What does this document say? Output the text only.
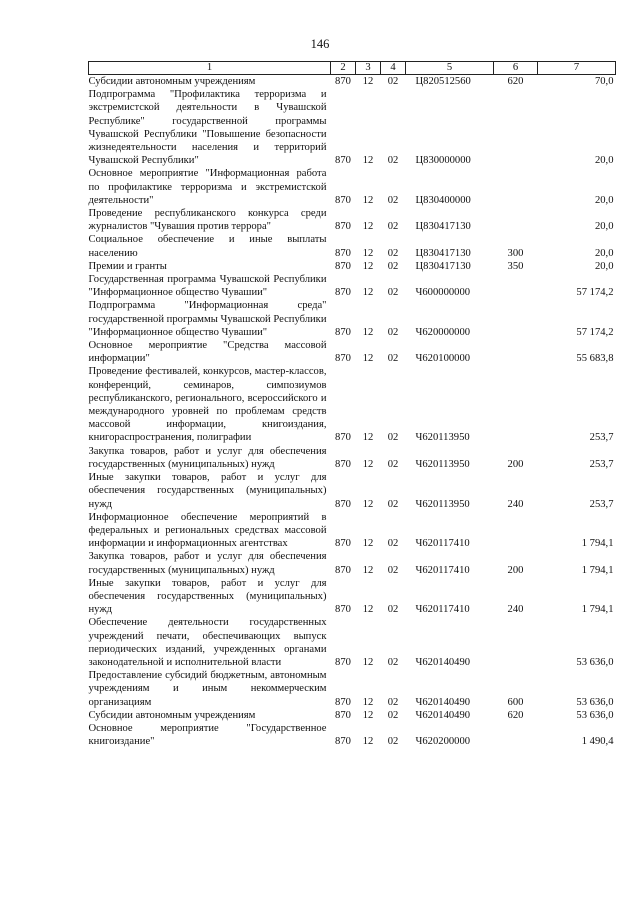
146
1	2	3	4	5	6	7
Субсидии автономным учреждениям	870	12	02	Ц820512560	620	70,0
Подпрограмма "Профилактика терроризма и экстремистской деятельности в Чувашской Республике" государственной программы Чувашской Республики "Повышение безопасности жизнедеятельности населения и территорий Чувашской Республики"	870	12	02	Ц830000000		20,0
Основное мероприятие "Информационная работа по профилактике терроризма и экстремистской деятельности"	870	12	02	Ц830400000		20,0
Проведение республиканского конкурса среди журналистов "Чувашия против террора"	870	12	02	Ц830417130		20,0
Социальное обеспечение и иные выплаты населению	870	12	02	Ц830417130	300	20,0
Премии и гранты	870	12	02	Ц830417130	350	20,0
Государственная программа Чувашской Республики "Информационное общество Чувашии"	870	12	02	Ч600000000		57 174,2
Подпрограмма "Информационная среда" государственной программы Чувашской Республики "Информационное общество Чувашии"	870	12	02	Ч620000000		57 174,2
Основное мероприятие "Средства массовой информации"	870	12	02	Ч620100000		55 683,8
Проведение фестивалей, конкурсов, мастер-классов, конференций, семинаров, симпозиумов республиканского, регионального, всероссийского и международного уровней по проблемам средств массовой информации, книгоиздания, книгораспространения, полиграфии	870	12	02	Ч620113950		253,7
Закупка товаров, работ и услуг для обеспечения государственных (муниципальных) нужд	870	12	02	Ч620113950	200	253,7
Иные закупки товаров, работ и услуг для обеспечения государственных (муниципальных) нужд	870	12	02	Ч620113950	240	253,7
Информационное обеспечение мероприятий в федеральных и региональных средствах массовой информации и информационных агентствах	870	12	02	Ч620117410		1 794,1
Закупка товаров, работ и услуг для обеспечения государственных (муниципальных) нужд	870	12	02	Ч620117410	200	1 794,1
Иные закупки товаров, работ и услуг для обеспечения государственных (муниципальных) нужд	870	12	02	Ч620117410	240	1 794,1
Обеспечение деятельности государственных учреждений печати, обеспечивающих выпуск периодических изданий, учрежденных органами законодательной и исполнительной власти	870	12	02	Ч620140490		53 636,0
Предоставление субсидий бюджетным, автономным учреждениям и иным некоммерческим организациям	870	12	02	Ч620140490	600	53 636,0
Субсидии автономным учреждениям	870	12	02	Ч620140490	620	53 636,0
Основное мероприятие "Государственное книгоиздание"	870	12	02	Ч620200000		1 490,4
